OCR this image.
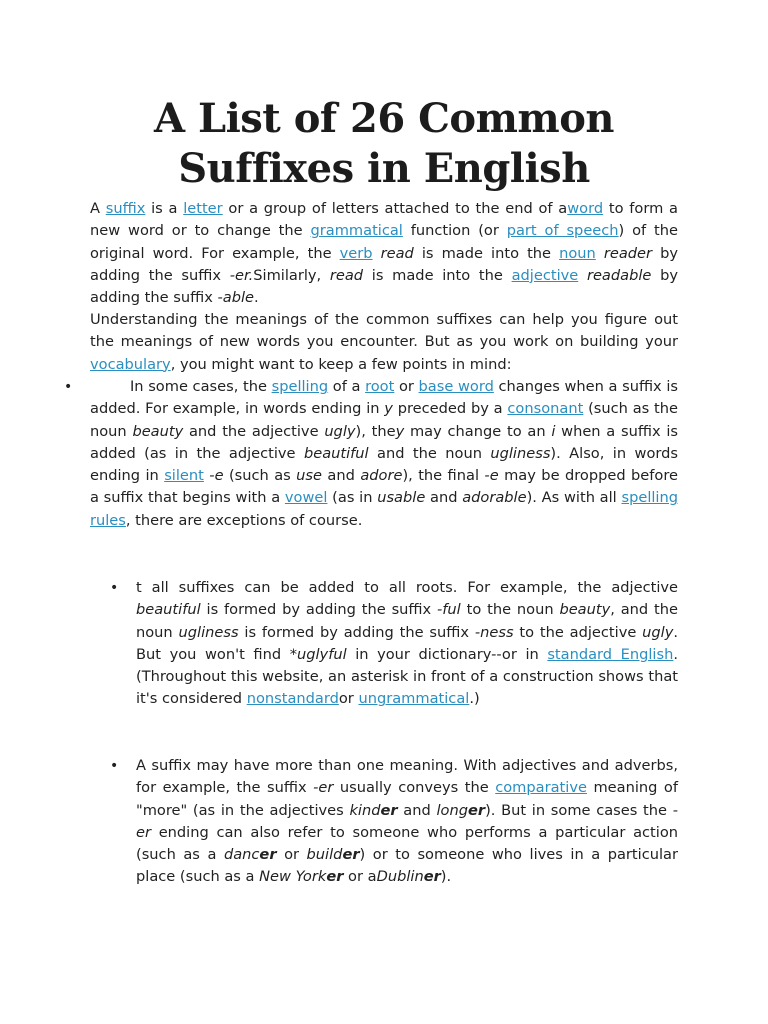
A List of 26 Common
Suffixes in English

A suffix is a letter or a group of letters attached to the end of aword to form a new word or to change the grammatical function (or part of speech) of the original word. For example, the verb read is made into the noun reader by adding the suffix -er.Similarly, read is made into the adjective readable by adding the suffix -able.

Understanding the meanings of the common suffixes can help you figure out the meanings of new words you encounter. But as you work on building your vocabulary, you might want to keep a few points in mind:

•	In some cases, the spelling of a root or base word changes when a suffix is added. For example, in words ending in y preceded by a consonant (such as the noun beauty and the adjective ugly), they may change to an i when a suffix is added (as in the adjective beautiful and the noun ugliness). Also, in words ending in silent -e (such as use and adore), the final -e may be dropped before a suffix that begins with a vowel (as in usable and adorable). As with all spelling rules, there are exceptions of course.

• t all suffixes can be added to all roots. For example, the adjective beautiful is formed by adding the suffix -ful to the noun beauty, and the noun ugliness is formed by adding the suffix -ness to the adjective ugly. But you won't find *uglyful in your dictionary--or in standard English. (Throughout this website, an asterisk in front of a construction shows that it's considered nonstandardor ungrammatical.)

• A suffix may have more than one meaning. With adjectives and adverbs, for example, the suffix -er usually conveys the comparative meaning of "more" (as in the adjectives kinder and longer). But in some cases the -er ending can also refer to someone who performs a particular action (such as a dancer or builder) or to someone who lives in a particular place (such as a New Yorker or aDubliner).
